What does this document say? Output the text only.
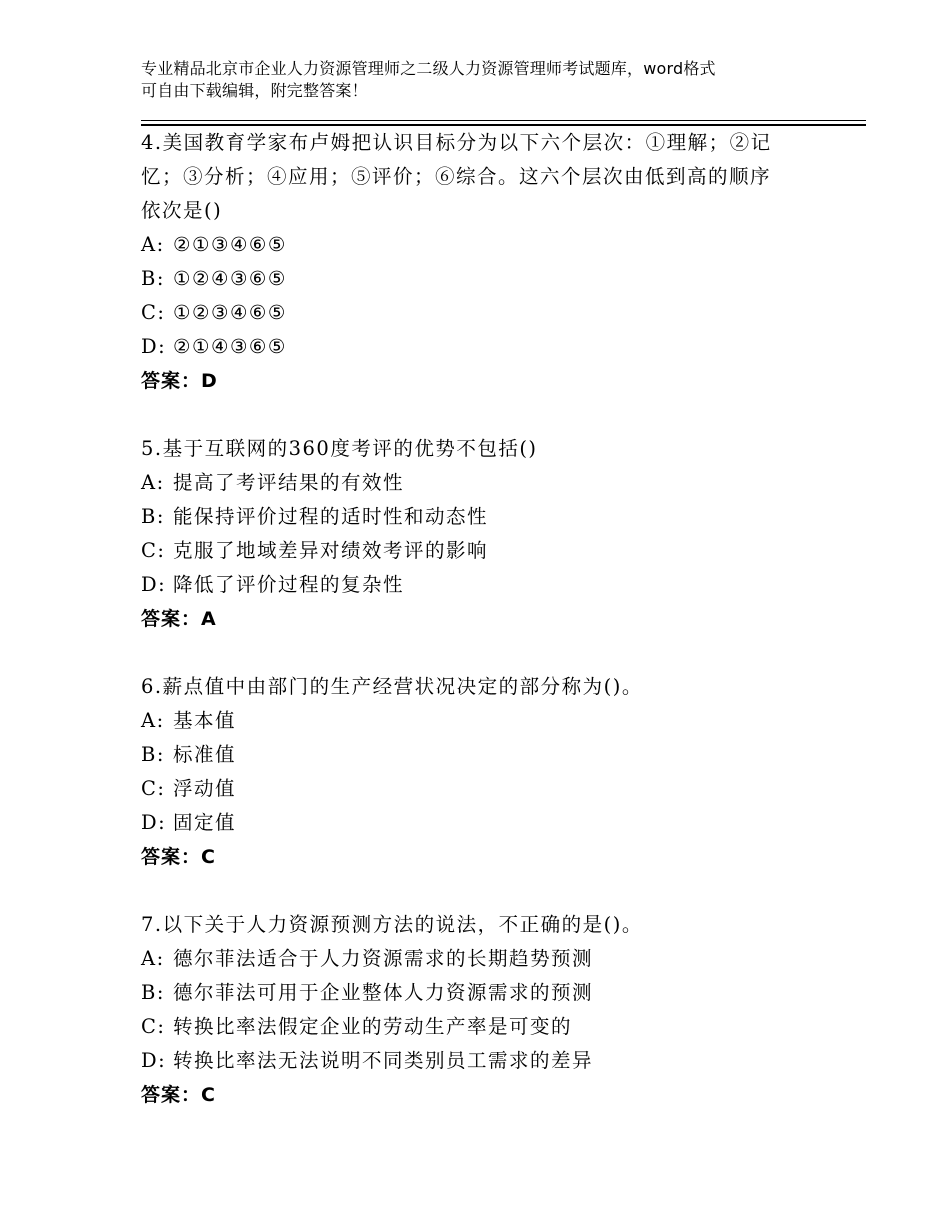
专业精品北京市企业人力资源管理师之二级人力资源管理师考试题库，word格式
可自由下载编辑，附完整答案！
4.美国教育学家布卢姆把认识目标分为以下六个层次：①理解；②记
忆；③分析；④应用；⑤评价；⑥综合。这六个层次由低到高的顺序
依次是()
A: ②①③④⑥⑤
B: ①②④③⑥⑤
C: ①②③④⑥⑤
D: ②①④③⑥⑤
答案：D
5.基于互联网的360度考评的优势不包括()
A: 提高了考评结果的有效性
B: 能保持评价过程的适时性和动态性
C: 克服了地域差异对绩效考评的影响
D: 降低了评价过程的复杂性
答案：A
6.薪点值中由部门的生产经营状况决定的部分称为()。
A: 基本值
B: 标准值
C: 浮动值
D: 固定值
答案：C
7.以下关于人力资源预测方法的说法，不正确的是()。
A: 德尔菲法适合于人力资源需求的长期趋势预测
B: 德尔菲法可用于企业整体人力资源需求的预测
C: 转换比率法假定企业的劳动生产率是可变的
D: 转换比率法无法说明不同类别员工需求的差异
答案：C
